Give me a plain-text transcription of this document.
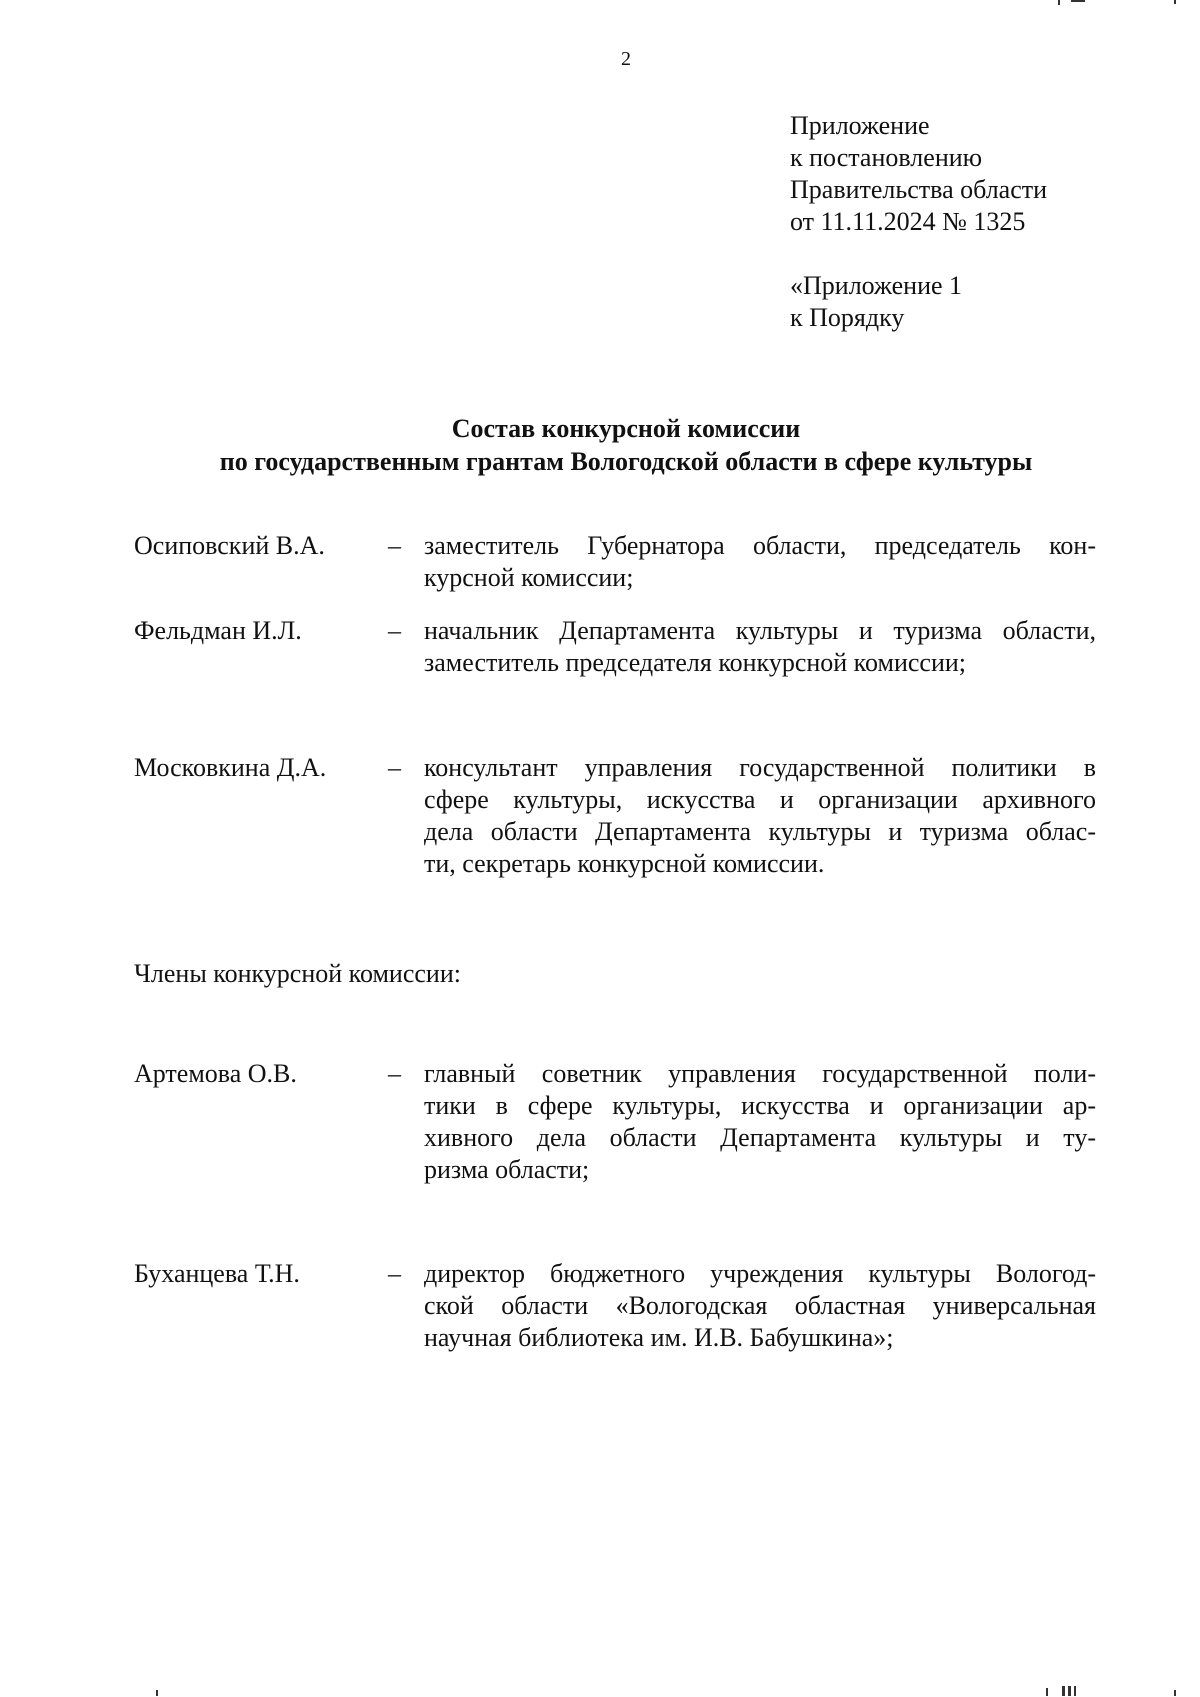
2
Приложение
к постановлению
Правительства области
от 11.11.2024 № 1325
«Приложение 1
к Порядку
Состав конкурсной комиссии
по государственным грантам Вологодской области в сфере культуры
Осиповский В.А. – заместитель Губернатора области, председатель кон-
курсной комиссии;
Фельдман И.Л.	– начальник Департамента культуры и туризма области,
заместитель председателя конкурсной комиссии;
Московкина Д.А. – консультант управления государственной политики в
сфере культуры, искусства и организации архивного
дела области Департамента культуры и туризма облас-
ти, секретарь конкурсной комиссии.
Члены конкурсной комиссии:
Артемова О.В.	– главный советник управления государственной поли-
тики в сфере культуры, искусства и организации ар-
хивного дела области Департамента культуры и ту-
ризма области;
Буханцева Т.Н.	– директор бюджетного учреждения культуры Вологод-
ской области «Вологодская областная универсальная
научная библиотека им. И.В. Бабушкина»;
